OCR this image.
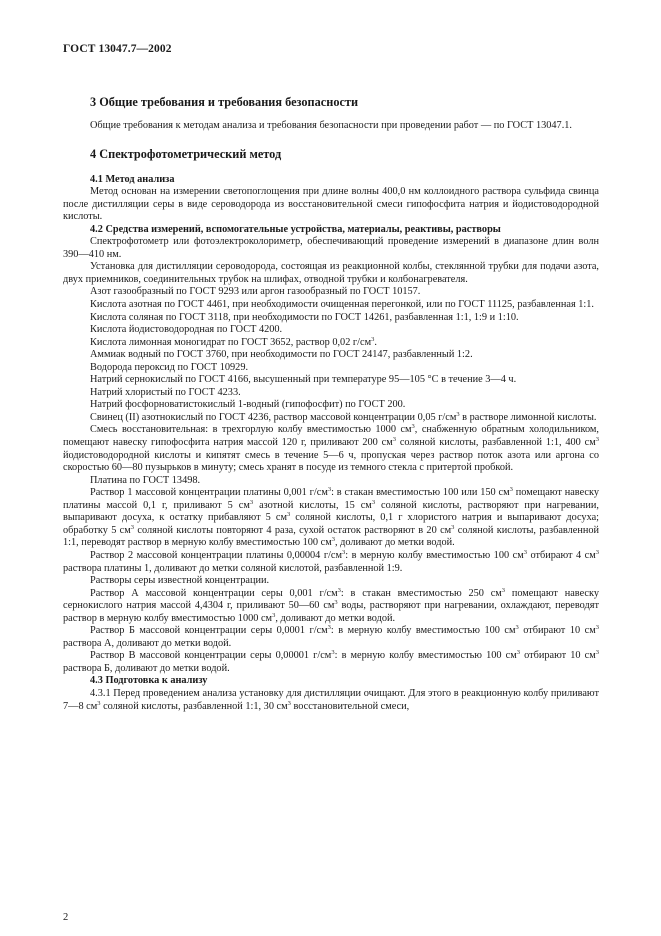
ГОСТ 13047.7—2002
3 Общие требования и требования безопасности

Общие требования к методам анализа и требования безопасности при проведении работ — по ГОСТ 13047.1.

4 Спектрофотометрический метод
4.1 Метод анализа

Метод основан на измерении светопоглощения при длине волны 400,0 нм коллоидного раствора сульфида свинца после дистилляции серы в виде сероводорода из восстановительной смеси гипофосфита натрия и йодистоводородной кислоты.

4.2 Средства измерений, вспомогательные устройства, материалы, реактивы, растворы

Спектрофотометр или фотоэлектроколориметр, обеспечивающий проведение измерений в диапазоне длин волн 390—410 нм.

Установка для дистилляции сероводорода, состоящая из реакционной колбы, стеклянной трубки для подачи азота, двух приемников, соединительных трубок на шлифах, отводной трубки и колбонагревателя.

Азот газообразный по ГОСТ 9293 или аргон газообразный по ГОСТ 10157.

Кислота азотная по ГОСТ 4461, при необходимости очищенная перегонкой, или по ГОСТ 11125, разбавленная 1:1.

Кислота соляная по ГОСТ 3118, при необходимости по ГОСТ 14261, разбавленная 1:1, 1:9 и 1:10.

Кислота йодистоводородная по ГОСТ 4200.

Кислота лимонная моногидрат по ГОСТ 3652, раствор 0,02 $г/см^3$.

Аммиак водный по ГОСТ 3760, при необходимости по ГОСТ 24147, разбавленный 1:2.

Водорода пероксид по ГОСТ 10929.

Натрий сернокислый по ГОСТ 4166, высушенный при температуре 95—105 °С в течение 3—4 ч.

Натрий хлористый по ГОСТ 4233.

Натрий фосфорноватистокислый 1-водный (гипофосфит) по ГОСТ 200.

Свинец (II) азотнокислый по ГОСТ 4236, раствор массовой концентрации 0,05 $г/см^3$ в растворе лимонной кислоты.

Смесь восстановительная: в трехгорлую колбу вместимостью 1000 $см^3$, снабженную обратным холодильником, помещают навеску гипофосфита натрия массой 120 г, приливают 200 $см^3$ соляной кислоты, разбавленной 1:1, 400 $см^3$ йодистоводородной кислоты и кипятят смесь в течение 5—6 ч, пропуская через раствор поток азота или аргона со скоростью 60—80 пузырьков в минуту; смесь хранят в посуде из темного стекла с притертой пробкой.

Платина по ГОСТ 13498.

Раствор 1 массовой концентрации платины 0,001 $г/см^3$: в стакан вместимостью 100 или 150 $см^3$ помещают навеску платины массой 0,1 г, приливают 5 $см^3$ азотной кислоты, 15 $см^3$ соляной кислоты, растворяют при нагревании, выпаривают досуха, к остатку прибавляют 5 $см^3$ соляной кислоты, 0,1 г хлористого натрия и выпаривают досуха; обработку 5 $см^3$ соляной кислоты повторяют 4 раза, сухой остаток растворяют в 20 $см^3$ соляной кислоты, разбавленной 1:1, переводят раствор в мерную колбу вместимостью 100 $см^3$, доливают до метки водой.

Раствор 2 массовой концентрации платины 0,00004 $г/см^3$: в мерную колбу вместимостью 100 $см^3$ отбирают 4 $см^3$ раствора платины 1, доливают до метки соляной кислотой, разбавленной 1:9.

Растворы серы известной концентрации.

Раствор А массовой концентрации серы 0,001 $г/см^3$: в стакан вместимостью 250 $см^3$ помещают навеску сернокислого натрия массой 4,4304 г, приливают 50—60 $см^3$ воды, растворяют при нагревании, охлаждают, переводят раствор в мерную колбу вместимостью 1000 $см^3$, доливают до метки водой.

Раствор Б массовой концентрации серы 0,0001 $г/см^3$: в мерную колбу вместимостью 100 $см^3$ отбирают 10 $см^3$ раствора А, доливают до метки водой.

Раствор В массовой концентрации серы 0,00001 $г/см^3$: в мерную колбу вместимостью 100 $см^3$ отбирают 10 $см^3$ раствора Б, доливают до метки водой.

4.3 Подготовка к анализу

4.3.1 Перед проведением анализа установку для дистилляции очищают. Для этого в реакционную колбу приливают 7—8 $см^3$ соляной кислоты, разбавленной 1:1, 30 $см^3$ восстановительной смеси,

2
